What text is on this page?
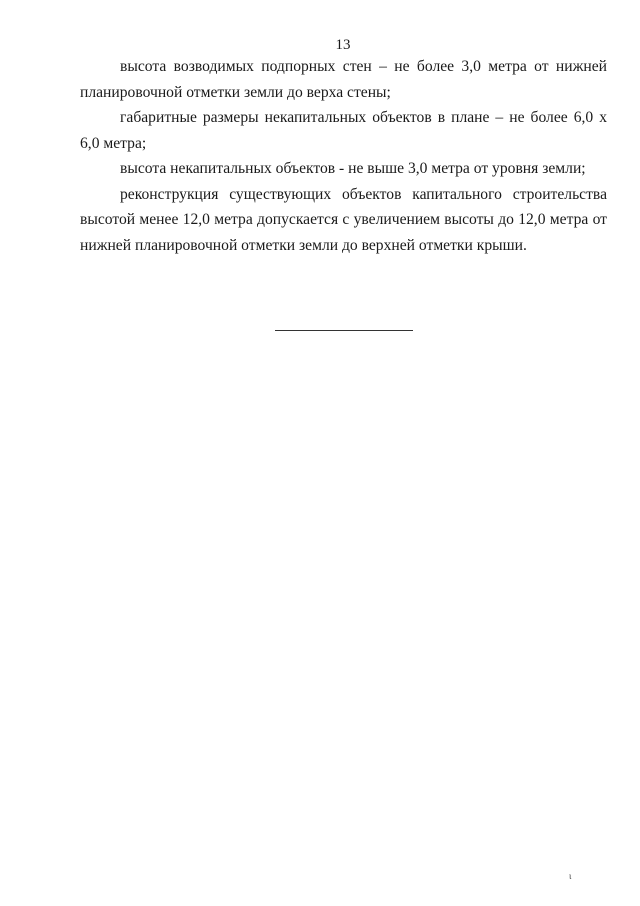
13

высота возводимых подпорных стен – не более 3,0 метра от нижней планировочной отметки земли до верха стены;

габаритные размеры некапитальных объектов в плане – не более 6,0 х 6,0 метра;

высота некапитальных объектов - не выше 3,0 метра от уровня земли;

реконструкция существующих объектов капитального строительства высотой менее 12,0 метра допускается с увеличением высоты до 12,0 метра от нижней планировочной отметки земли до верхней отметки крыши.

ι
